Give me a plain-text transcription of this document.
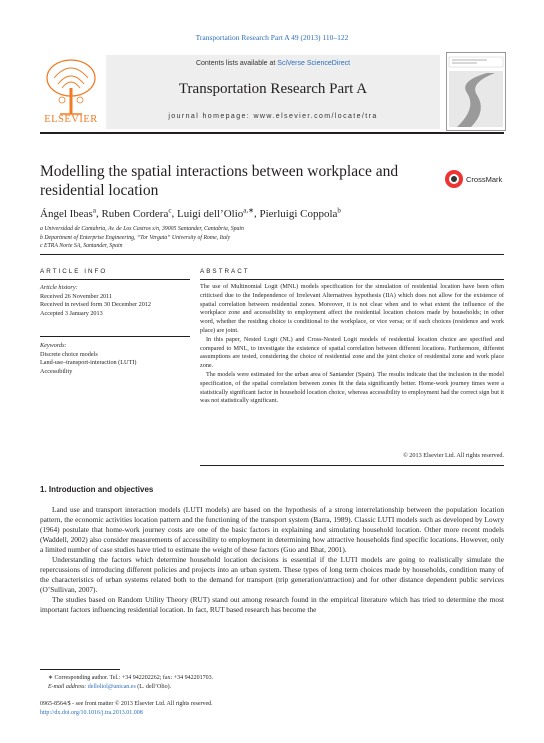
Transportation Research Part A 49 (2013) 110–122
ELSEVIER
Contents lists available at SciVerse ScienceDirect
Transportation Research Part A
journal homepage: www.elsevier.com/locate/tra
Modelling the spatial interactions between workplace and residential location
CrossMark
Ángel Ibeas$^a$, Ruben Cordera$^c$, Luigi dell’Olio$^{a,∗}$, Pierluigi Coppola$^b$
a Universidad de Cantabria, Av. de Los Castros s/n, 39005 Santander, Cantabria, Spain
b Department of Enterprise Engineering, “Tor Vergata” University of Rome, Italy
c ETRA Norte SA, Santander, Spain
ARTICLE INFO
Article history:
Received 26 November 2011
Received in revised form 30 December 2012
Accepted 3 January 2013
Keywords:
Discrete choice models
Land-use–transport-interaction (LUTI)
Accessibility
ABSTRACT

The use of Multinomial Logit (MNL) models specification for the simulation of residential location have been often criticised due to the Independence of Irrelevant Alternatives hypothesis (IIA) which does not allow for the existence of spatial correlation between residential zones. Moreover, it is not clear when and to what extent the influence of the workplace zone and accessibility to employment affect the residential location choices made by households; in other word, whether the residing choice is conditional to the workplace, or vice versa; or if such choices (residence and work place) are joint.

In this paper, Nested Logit (NL) and Cross-Nested Logit models of residential location choice are specified and compared to MNL, to investigate the existence of spatial correlation between different locations. Furthermore, different assumptions are tested, considering the choice of residential zone and the joint choice of residential zone and work place zone.

The models were estimated for the urban area of Santander (Spain). The results indicate that the inclusion in the model specification, of the spatial correlation between zones fit the data significantly better. Home-work journey times were a statistically significant factor in household location choice, whereas accessibility to employment had the correct sign but it was not statistically significant.

© 2013 Elsevier Ltd. All rights reserved.
1. Introduction and objectives

Land use and transport interaction models (LUTI models) are based on the hypothesis of a strong interrelationship between the population location pattern, the economic activities location pattern and the functioning of the transport system (Barra, 1989). Classic LUTI models such as developed by Lowry (1964) postulate that home-work journey costs are one of the basic factors in explaining and simulating household location. Other more recent models (Waddell, 2002) also consider measurements of accessibility to employment in determining how attractive households find specific locations. However, only a limited number of case studies have tried to estimate the weight of these factors (Guo and Bhat, 2001).

Understanding the factors which determine household location decisions is essential if the LUTI models are going to realistically simulate the repercussions of introducing different policies and projects into an urban system. These types of long term choices made by households, condition many of the characteristics of urban systems related both to the demand for transport (trip generation/attraction) and for other distance dependent public services (O’Sullivan, 2007).

The studies based on Random Utility Theory (RUT) stand out among research found in the empirical literature which has tried to determine the most important factors influencing residential location. In fact, RUT based research has become the

∗ Corresponding author. Tel.: +34 942202262; fax: +34 942201703.
E-mail address: delloliol@unican.es (L. dell’Olio).
0965-8564/$ - see front matter © 2013 Elsevier Ltd. All rights reserved.
http://dx.doi.org/10.1016/j.tra.2013.01.008
